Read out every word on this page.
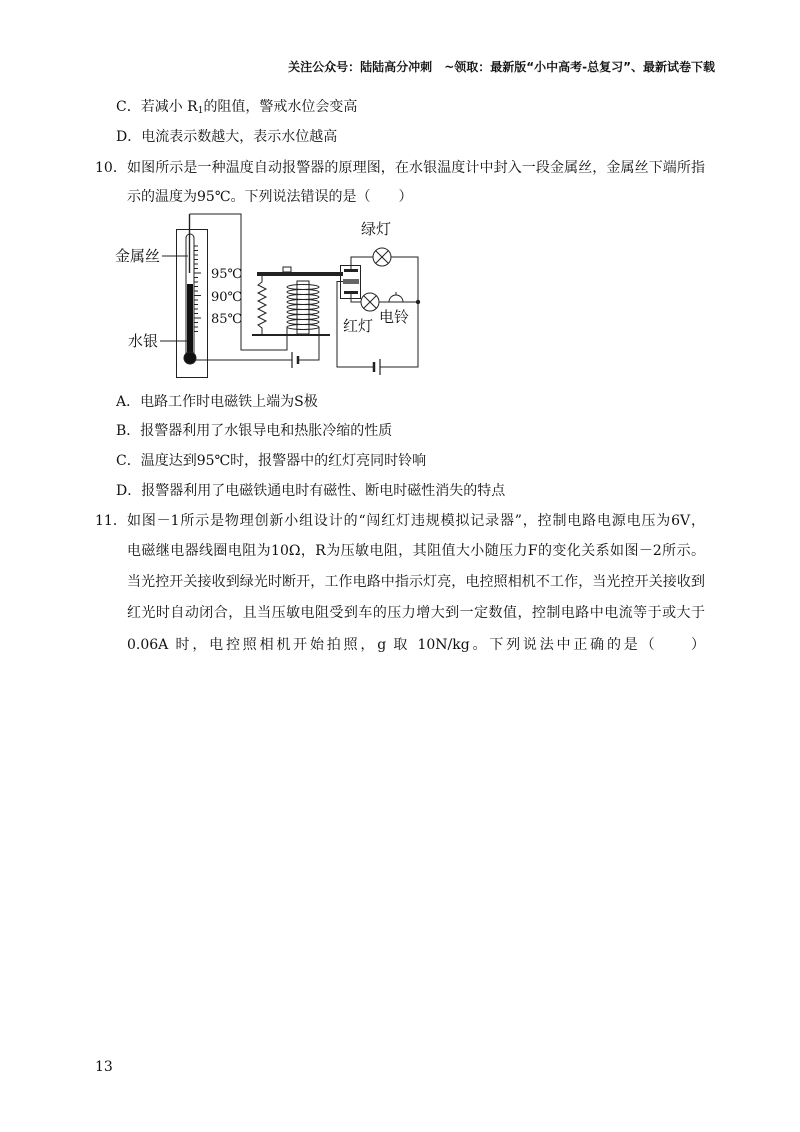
关注公众号：陆陆高分冲刺 ~领取：最新版“小中高考-总复习”、最新试卷下载
C．若减小 $R_1$的阻值，警戒水位会变高
D．电流表示数越大，表示水位越高
10． 如图所示是一种温度自动报警器的原理图，在水银温度计中封入一段金属丝，金属丝下端所指
示的温度为95℃。下列说法错误的是（　　）
金属丝
95℃
90℃
85℃
水银
绿灯
红灯 电铃
A．电路工作时电磁铁上端为S极
B．报警器利用了水银导电和热胀冷缩的性质
C．温度达到95℃时，报警器中的红灯亮同时铃响
D．报警器利用了电磁铁通电时有磁性、断电时磁性消失的特点
11． 如图－1所示是物理创新小组设计的“闯红灯违规模拟记录器”，控制电路电源电压为6V，
电磁继电器线圈电阻为10Ω，R为压敏电阻，其阻值大小随压力F的变化关系如图－2所示。
当光控开关接收到绿光时断开，工作电路中指示灯亮，电控照相机不工作，当光控开关接收到
红光时自动闭合，且当压敏电阻受到车的压力增大到一定数值，控制电路中电流等于或大于
0.06A 时，电控照相机开始拍照，g 取 10N/kg。下列说法中正确的是（　　）
13
